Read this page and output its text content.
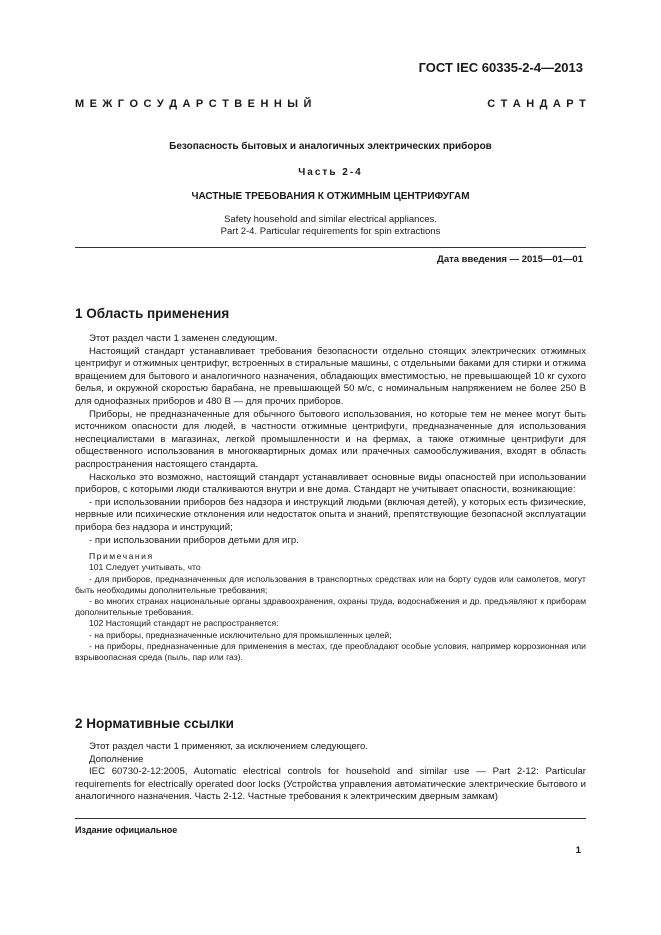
ГОСТ IEC 60335-2-4—2013
М Е Ж Г О С У Д А Р С Т В Е Н Н Ы Й	С Т А Н Д А Р Т
Безопасность бытовых и аналогичных электрических приборов
Часть 2-4
ЧАСТНЫЕ ТРЕБОВАНИЯ К ОТЖИМНЫМ ЦЕНТРИФУГАМ
Safety household and similar electrical appliances.
Part 2-4. Particular requirements for spin extractions
Дата введения — 2015—01—01
1 Область применения

Этот раздел части 1 заменен следующим.

Настоящий стандарт устанавливает требования безопасности отдельно стоящих электрических отжимных центрифуг и отжимных центрифуг, встроенных в стиральные машины, с отдельными баками для стирки и отжима вращением для бытового и аналогичного назначения, обладающих вместимостью, не превышающей 10 кг сухого белья, и окружной скоростью барабана, не превышающей 50 м/с, с номинальным напряжением не более 250 В для однофазных приборов и 480 В — для прочих приборов.

Приборы, не предназначенные для обычного бытового использования, но которые тем не менее могут быть источником опасности для людей, в частности отжимные центрифуги, предназначенные для использования неспециалистами в магазинах, легкой промышленности и на фермах, а также отжимные центрифуги для общественного использования в многоквартирных домах или прачечных самообслуживания, входят в область распространения настоящего стандарта.

Насколько это возможно, настоящий стандарт устанавливает основные виды опасностей при использовании приборов, с которыми люди сталкиваются внутри и вне дома. Стандарт не учитывает опасности, возникающие:

- при использовании приборов без надзора и инструкций людьми (включая детей), у которых есть физические, нервные или психические отклонения или недостаток опыта и знаний, препятствующие безопасной эксплуатации прибора без надзора и инструкций;

- при использовании приборов детьми для игр.

Примечания

101 Следует учитывать, что

- для приборов, предназначенных для использования в транспортных средствах или на борту судов или самолетов, могут быть необходимы дополнительные требования;

- во многих странах национальные органы здравоохранения, охраны труда, водоснабжения и др. предъявляют к приборам дополнительные требования.

102 Настоящий стандарт не распространяется:

- на приборы, предназначенные исключительно для промышленных целей;

- на приборы, предназначенные для применения в местах, где преобладают особые условия, например коррозионная или взрывоопасная среда (пыль, пар или газ).

2 Нормативные ссылки

Этот раздел части 1 применяют, за исключением следующего.

Дополнение

IEC 60730-2-12:2005, Automatic electrical controls for household and similar use — Part 2-12: Particular requirements for electrically operated door locks (Устройства управления автоматические электрические бытового и аналогичного назначения. Часть 2-12. Частные требования к электрическим дверным замкам)

Издание официальное
1
